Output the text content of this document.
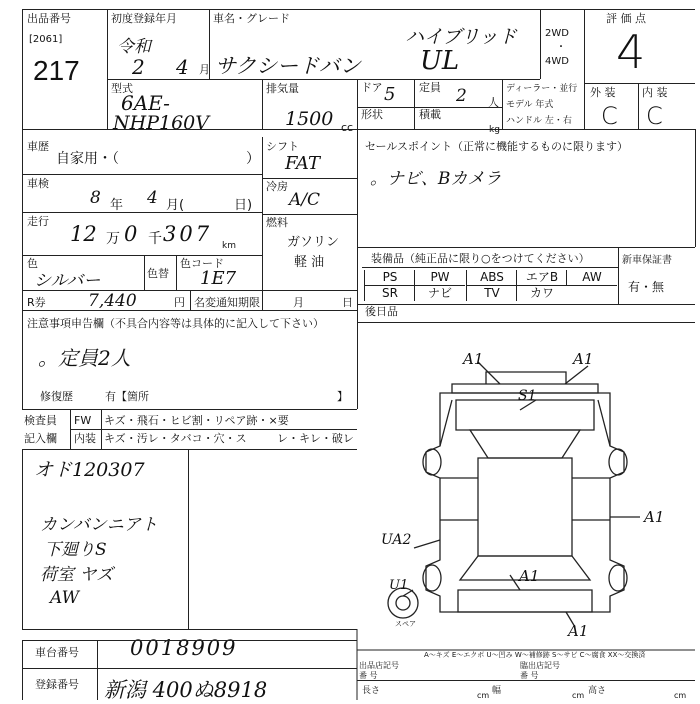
出品番号
[2061]
217
初度登録年月
令和
2 4 月
車名・グレード
ハイブリッド
サクシードバン UL
2WD
・
4WD
評 価 点
4
外 装 内 装
C C
型式
6AE-
NHP160V
排気量
1500 cc
ドア 5 定員 2 人
形状	積載
kg
ディーラー・並行
モデル 年式
ハンドル 左・右
車歴
自家用・（	）
車検
8 年 4 月(	日)
走行
12 万 0 千 307 km
色
シルバー	色替
色コード
1E7
R券 7,440	円 名変通知期限	月	日
シフト
FAT
冷房
A/C
燃料
ガソリン
軽 油
注意事項申告欄（不具合内容等は具体的に記入して下さい）
。定員2人
修復歴	有【箇所	】
検査員
記入欄
FW キズ・飛石・ヒビ割・リペア跡・×要
内装 キズ・汚レ・タバコ・穴・ス	レ・キレ・破レ
オド120307
カンバンニアト
下廻りS
荷室 ヤズ
AW
車台番号 0018909
登録番号 新潟 400ぬ8918
セールスポイント（正常に機能するものに限ります）
。ナビ、Bカメラ
装備品（純正品に限り○をつけてください）	新車保証書
有・無
PS	PW	ABS	エアB	AW
SR	ナビ	TV	カワ
後日品
A1	A1
S1
A1
UA2
A1
U1
A1
スペア
A～キズ E～エクボ U～凹み W～補修跡 S～サビ C～腐食 XX～交換済
出品店記号
番 号
臨出店記号
番 号
長さ	cm 幅	cm 高さ	cm
